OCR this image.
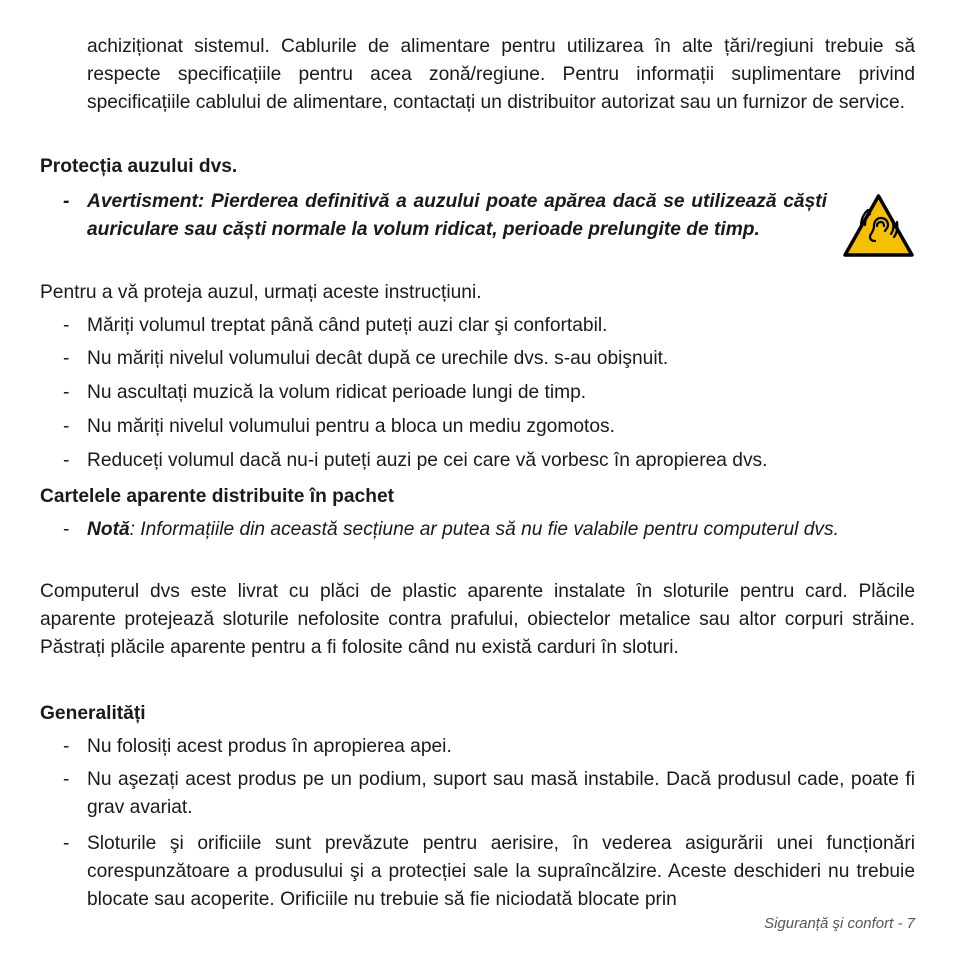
achiziționat sistemul. Cablurile de alimentare pentru utilizarea în alte țări/regiuni trebuie să respecte specificațiile pentru acea zonă/regiune. Pentru informații suplimentare privind specificațiile cablului de alimentare, contactați un distribuitor autorizat sau un furnizor de service.
Protecția auzului dvs.
- Avertisment: Pierderea definitivă a auzului poate apărea dacă se utilizează căști auriculare sau căști normale la volum ridicat, perioade prelungite de timp.
Pentru a vă proteja auzul, urmați aceste instrucțiuni.
- Măriți volumul treptat până când puteți auzi clar şi confortabil.
- Nu măriți nivelul volumului decât după ce urechile dvs. s-au obişnuit.
- Nu ascultați muzică la volum ridicat perioade lungi de timp.
- Nu măriți nivelul volumului pentru a bloca un mediu zgomotos.
- Reduceți volumul dacă nu-i puteți auzi pe cei care vă vorbesc în apropierea dvs.
Cartelele aparente distribuite în pachet
- Notă: Informațiile din această secțiune ar putea să nu fie valabile pentru computerul dvs.
Computerul dvs este livrat cu plăci de plastic aparente instalate în sloturile pentru card. Plăcile aparente protejează sloturile nefolosite contra prafului, obiectelor metalice sau altor corpuri străine. Păstrați plăcile aparente pentru a fi folosite când nu există carduri în sloturi.
Generalități
- Nu folosiți acest produs în apropierea apei.
- Nu aşezați acest produs pe un podium, suport sau masă instabile. Dacă produsul cade, poate fi grav avariat.
- Sloturile şi orificiile sunt prevăzute pentru aerisire, în vederea asigurării unei funcționări corespunzătoare a produsului şi a protecției sale la supraîncălzire. Aceste deschideri nu trebuie blocate sau acoperite. Orificiile nu trebuie să fie niciodată blocate prin
Siguranță şi confort - 7
